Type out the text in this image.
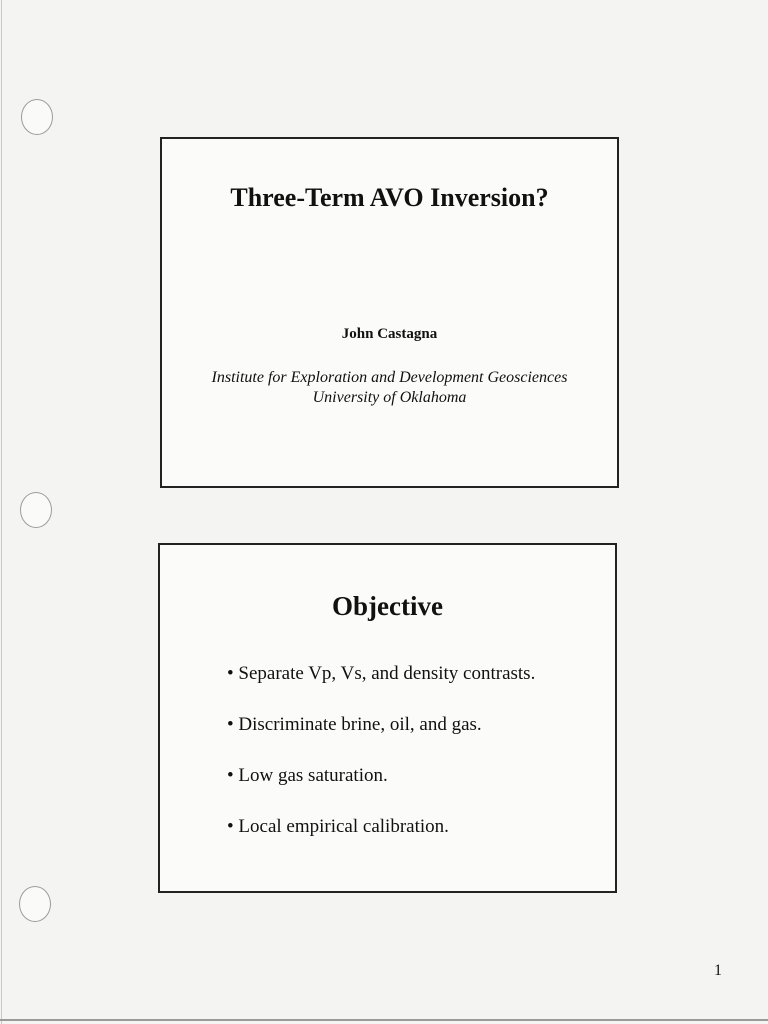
Three-Term AVO Inversion?
John Castagna
Institute for Exploration and Development Geosciences
University of Oklahoma
Objective
• Separate Vp, Vs, and density contrasts.
• Discriminate brine, oil, and gas.
• Low gas saturation.
• Local empirical calibration.
1
